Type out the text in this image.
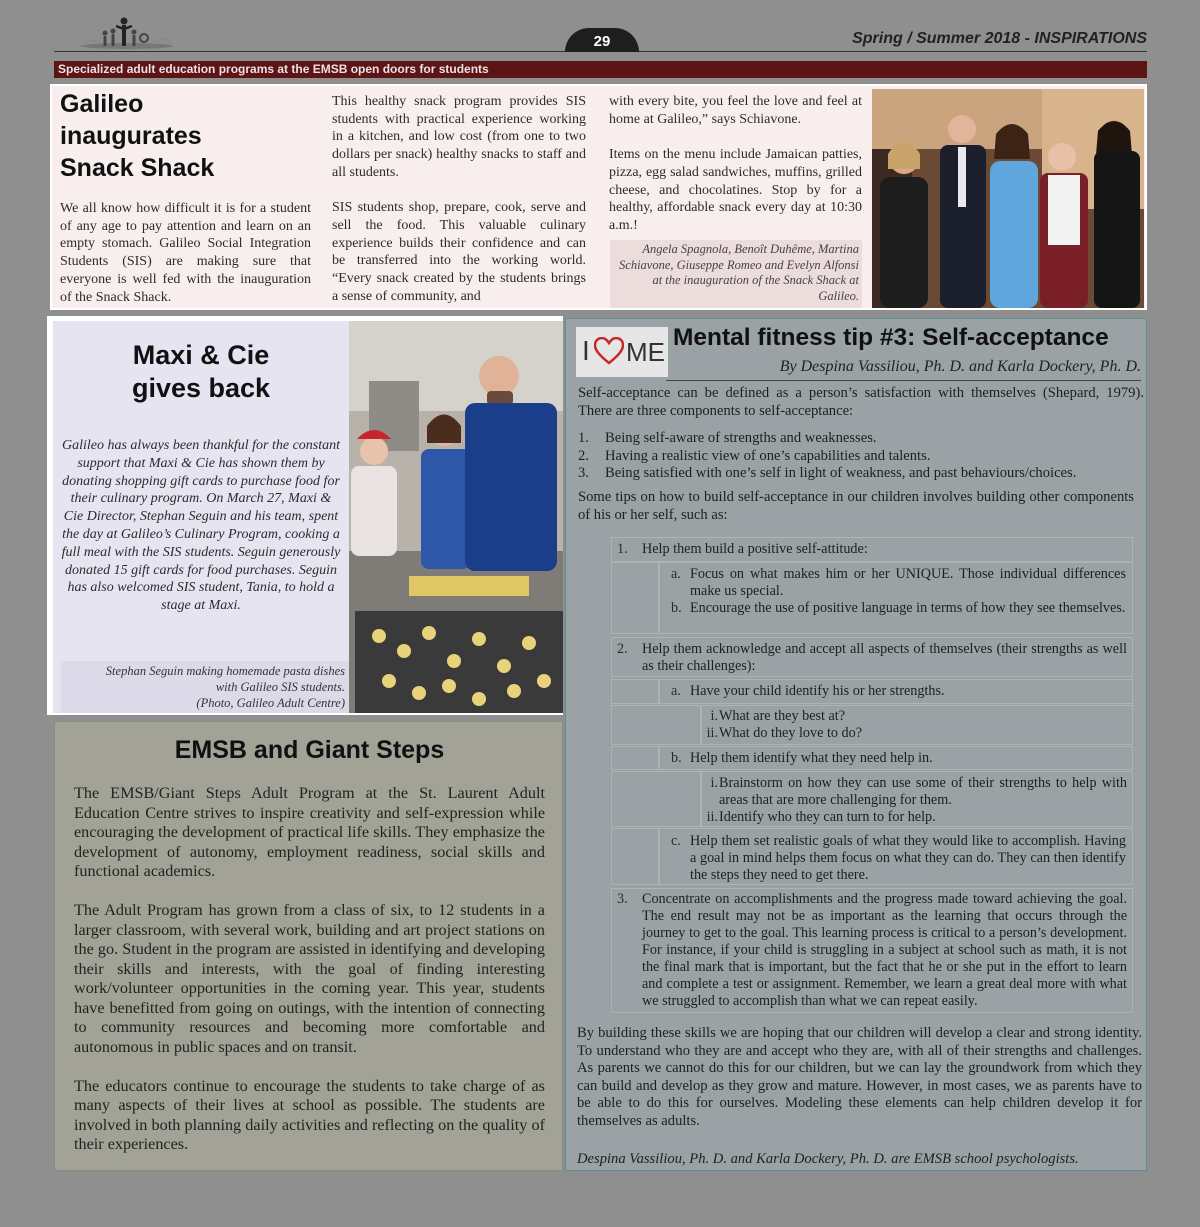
29	Spring / Summer 2018 - INSPIRATIONS
Specialized adult education programs at the EMSB open doors for students
Galileo
inaugurates
Snack Shack

We all know how difficult it is for a student of any age to pay attention and learn on an empty stomach. Galileo Social Integration Students (SIS) are making sure that everyone is well fed with the inauguration of the Snack Shack.

This healthy snack program provides SIS students with practical experience working in a kitchen, and low cost (from one to two dollars per snack) healthy snacks to staff and all students.

SIS students shop, prepare, cook, serve and sell the food. This valuable culinary experience builds their confidence and can be transferred into the working world. “Every snack created by the students brings a sense of community, and

with every bite, you feel the love and feel at home at Galileo,” says Schiavone.

Items on the menu include Jamaican patties, pizza, egg salad sandwiches, muffins, grilled cheese, and chocolatines. Stop by for a healthy, affordable snack every day at 10:30 a.m.!

Angela Spagnola, Benoît Duhême, Martina Schiavone, Giuseppe Romeo and Evelyn Alfonsi at the inauguration of the Snack Shack at Galileo.
Maxi & Cie
gives back

Galileo has always been thankful for the constant support that Maxi & Cie has shown them by donating shopping gift cards to purchase food for their culinary program. On March 27, Maxi & Cie Director, Stephan Seguin and his team, spent the day at Galileo’s Culinary Program, cooking a full meal with the SIS students. Seguin generously donated 15 gift cards for food purchases. Seguin has also welcomed SIS student, Tania, to hold a stage at Maxi.

Stephan Seguin making homemade pasta dishes
with Galileo SIS students.
(Photo, Galileo Adult Centre)
EMSB and Giant Steps

The EMSB/Giant Steps Adult Program at the St. Laurent Adult Education Centre strives to inspire creativity and self-expression while encouraging the development of practical life skills. They emphasize the development of autonomy, employment readiness, social skills and functional academics.

The Adult Program has grown from a class of six, to 12 students in a larger classroom, with several work, building and art project stations on the go. Student in the program are assisted in identifying and developing their skills and interests, with the goal of finding interesting work/volunteer opportunities in the coming year. This year, students have benefitted from going on outings, with the intention of connecting to community resources and becoming more comfortable and autonomous in public spaces and on transit.

The educators continue to encourage the students to take charge of as many aspects of their lives at school as possible. The students are involved in both planning daily activities and reflecting on the quality of their experiences.

I ME Mental fitness tip #3: Self-acceptance
By Despina Vassiliou, Ph. D. and Karla Dockery, Ph. D.

Self-acceptance can be defined as a person’s satisfaction with themselves (Shepard, 1979). There are three components to self-acceptance:

1.	Being self-aware of strengths and weaknesses.
2.	Having a realistic view of one’s capabilities and talents.
3.	Being satisfied with one’s self in light of weakness, and past behaviours/choices.

Some tips on how to build self-acceptance in our children involves building other components of his or her self, such as:

1. Help them build a positive self-attitude:
a. Focus on what makes him or her UNIQUE. Those individual differences make us special.
b. Encourage the use of positive language in terms of how they see themselves.
2. Help them acknowledge and accept all aspects of themselves (their strengths as well as their challenges):
a. Have your child identify his or her strengths.
i. What are they best at?
ii. What do they love to do?
b. Help them identify what they need help in.
i. Brainstorm on how they can use some of their strengths to help with areas that are more challenging for them.
ii. Identify who they can turn to for help.
c. Help them set realistic goals of what they would like to accomplish. Having a goal in mind helps them focus on what they can do. They can then identify the steps they need to get there.
3. Concentrate on accomplishments and the progress made toward achieving the goal. The end result may not be as important as the learning that occurs through the journey to get to the goal. This learning process is critical to a person’s development. For instance, if your child is struggling in a subject at school such as math, it is not the final mark that is important, but the fact that he or she put in the effort to learn and complete a test or assignment. Remember, we learn a great deal more with what we struggled to accomplish than what we can repeat easily.

By building these skills we are hoping that our children will develop a clear and strong identity. To understand who they are and accept who they are, with all of their strengths and challenges. As parents we cannot do this for our children, but we can lay the groundwork from which they can build and develop as they grow and mature. However, in most cases, we as parents have to be able to do this for ourselves. Modeling these elements can help children develop it for themselves as adults.

Despina Vassiliou, Ph. D. and Karla Dockery, Ph. D. are EMSB school psychologists.
